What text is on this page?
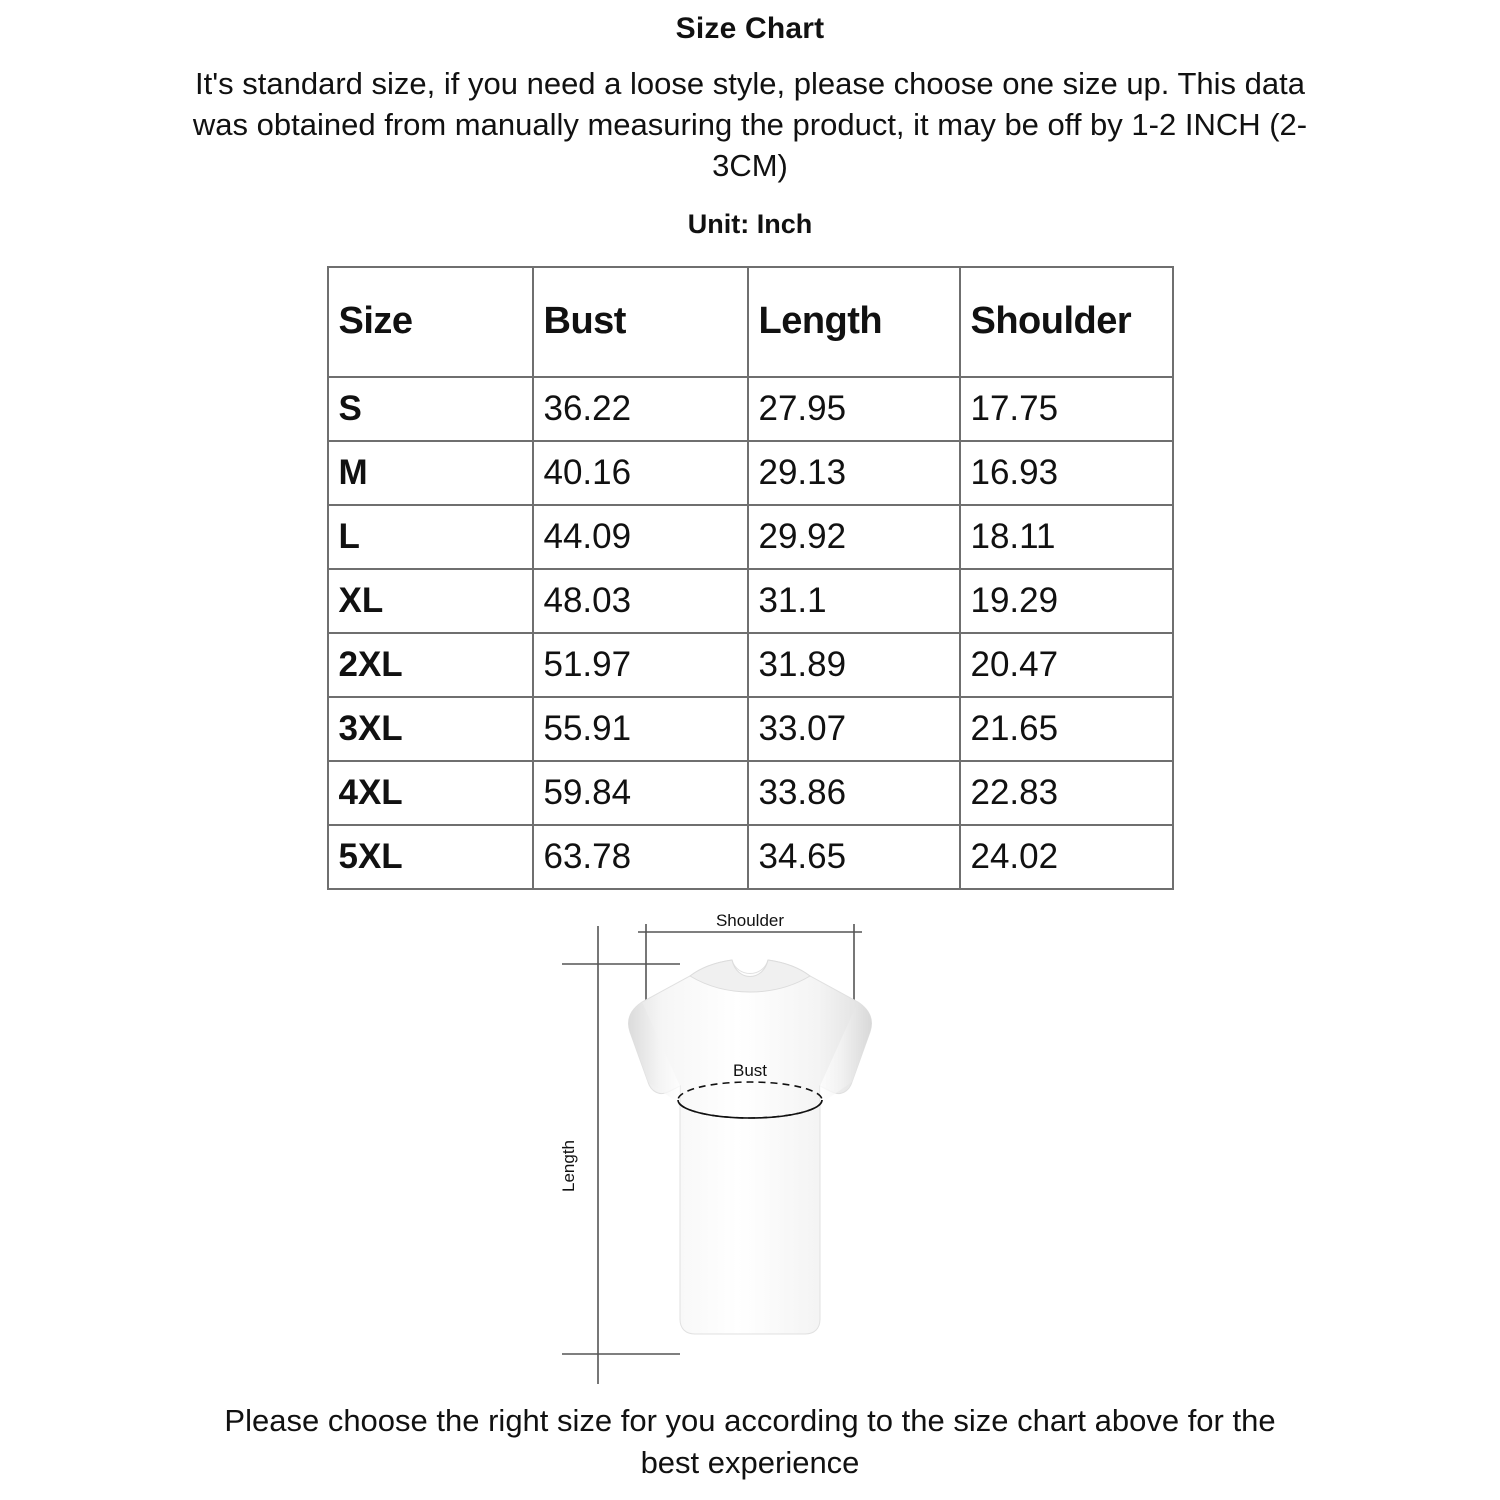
Size Chart
It's standard size, if you need a loose style, please choose one size up. This data was obtained from manually measuring the product, it may be off by 1-2 INCH (2-3CM)
Unit: Inch
Size	Bust	Length	Shoulder
S	36.22	27.95	17.75
M	40.16	29.13	16.93
L	44.09	29.92	18.11
XL	48.03	31.1	19.29
2XL	51.97	31.89	20.47
3XL	55.91	33.07	21.65
4XL	59.84	33.86	22.83
5XL	63.78	34.65	24.02
Shoulder
Length
Bust
Please choose the right size for you according to the size chart above for the best experience
